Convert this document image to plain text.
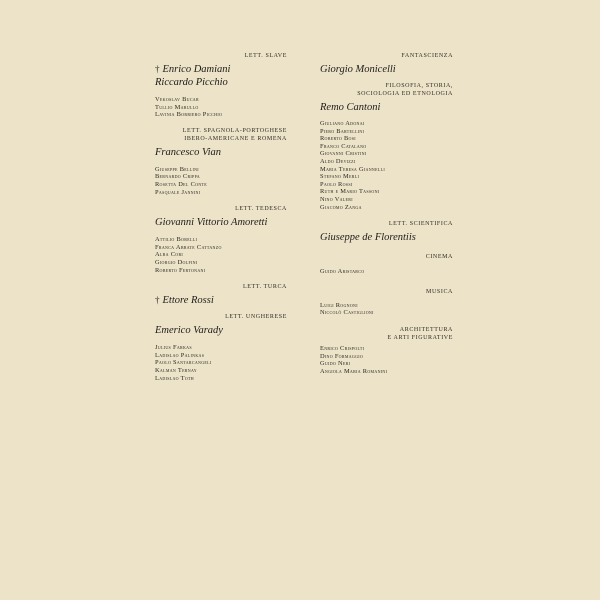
LETT. SLAVE
† Enrico Damiani
Riccardo Picchio
Vekoslav Bucar
Tullio Marullo
Lavinia Borriero Picchio
LETT. SPAGNOLA-PORTOGHESE
IBERO-AMERICANE E ROMENA
Francesco Vian
Giuseppe Bellini
Bernardo Crippa
Rosetta Del Conte
Pasquale Jannini
LETT. TEDESCA
Giovanni Vittorio Amoretti
Attilio Borelli
Franca Abbate Cattanzo
Alba Cori
Giorgio Dolfini
Roberto Fertonani
LETT. TURCA
† Ettore Rossi
LETT. UNGHERESE
Emerico Varady
Julius Farkas
Ladislao Palinkas
Paolo Santarcangeli
Kalman Ternay
Ladislao Toth
FANTASCIENZA
Giorgio Monicelli
FILOSOFIA, STORIA,
SOCIOLOGIA ED ETNOLOGIA
Remo Cantoni
Giuliano Adonai
Piero Bartellini
Roberto Bosi
Franco Catalano
Giovanni Cristini
Aldo Devizzi
Maria Teresa Giannelli
Stefano Merli
Paolo Rossi
Ruth e Mario Tassoni
Nino Valeri
Giacomo Zanga
LETT. SCIENTIFICA
Giuseppe de Florentiis
CINEMA
Guido Aristarco
MUSICA
Luigi Rognoni
Niccolò Castiglioni
ARCHITETTURA
E ARTI FIGURATIVE
Enrico Crispolti
Dino Formaggio
Guido Neri
Angiola Maria Romanini
